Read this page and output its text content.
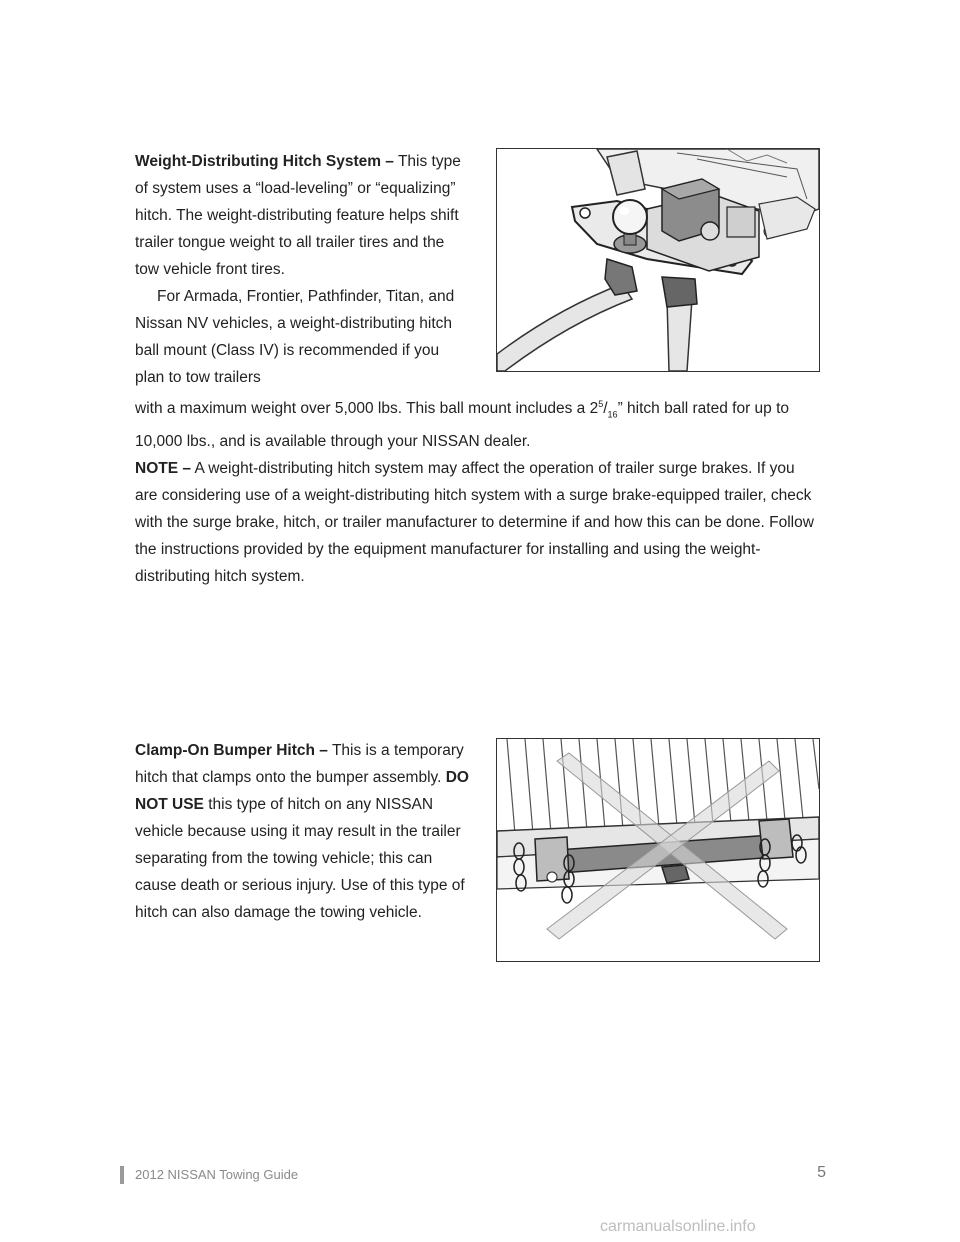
Weight-Distributing Hitch System – This type of system uses a “load-leveling” or “equalizing” hitch. The weight-distributing feature helps shift trailer tongue weight to all trailer tires and the tow vehicle front tires.

For Armada, Frontier, Pathfinder, Titan, and Nissan NV vehicles, a weight-distributing hitch ball mount (Class IV) is recommended if you plan to tow trailers
with a maximum weight over 5,000 lbs. This ball mount includes a $2^5/_{16}$” hitch ball rated for up to 10,000 lbs., and is available through your NISSAN dealer.
NOTE – A weight-distributing hitch system may affect the operation of trailer surge brakes. If you are considering use of a weight-distributing hitch system with a surge brake-equipped trailer, check with the surge brake, hitch, or trailer manufacturer to determine if and how this can be done. Follow the instructions provided by the equipment manufacturer for installing and using the weight-distributing hitch system.
Clamp-On Bumper Hitch – This is a temporary hitch that clamps onto the bumper assembly. DO NOT USE this type of hitch on any NISSAN vehicle because using it may result in the trailer separating from the towing vehicle; this can cause death or serious injury. Use of this type of hitch can also damage the towing vehicle.
2012 NISSAN Towing Guide	5
carmanualsonline.info
